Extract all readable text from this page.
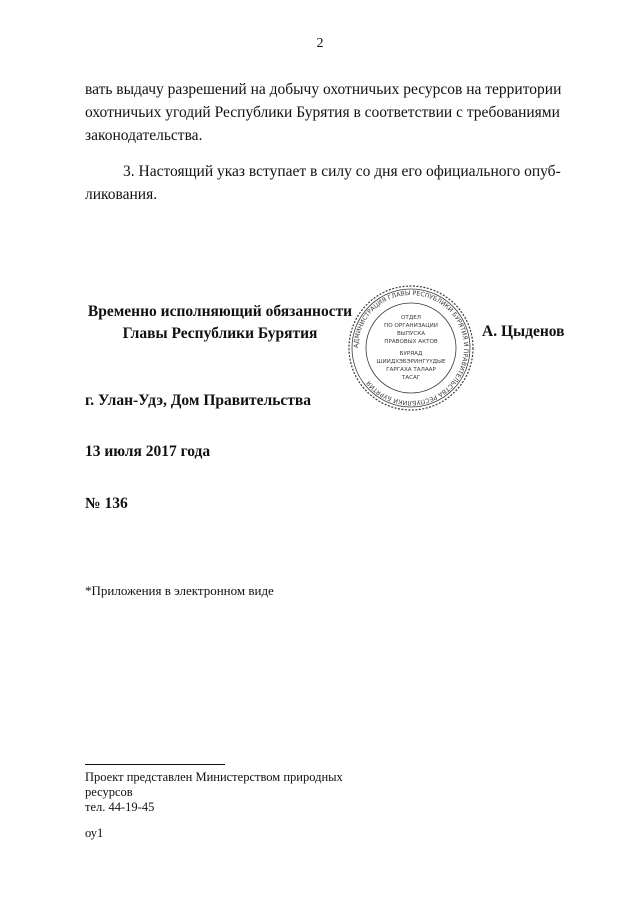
2

вать выдачу разрешений на добычу охотничьих ресурсов на территории

охотничьих угодий Республики Бурятия в соответствии с требованиями

законодательства.

3. Настоящий указ вступает в силу со дня его официального опуб-

ликования.

Временно исполняющий обязанности
Главы Республики Бурятия
АДМИНИСТРАЦИЯ ГЛАВЫ РЕСПУБЛИКИ БУРЯТИЯ И ПРАВИТЕЛЬСТВА РЕСПУБЛИКИ БУРЯТИЯ
ОТДЕЛ
ПО ОРГАНИЗАЦИИ
ВЫПУСКА
ПРАВОВЫХ АКТОВ
БУРЯАД
ШИИДХЭБЭРИНГҮҮДЫЕ
ГАРГАХА ТАЛААР
ТАСАГ
А. Цыденов
г. Улан-Удэ, Дом Правительства
13 июля 2017 года
№ 136
*Приложения в электронном виде
Проект представлен Министерством природных
ресурсов
тел. 44-19-45
оу1
